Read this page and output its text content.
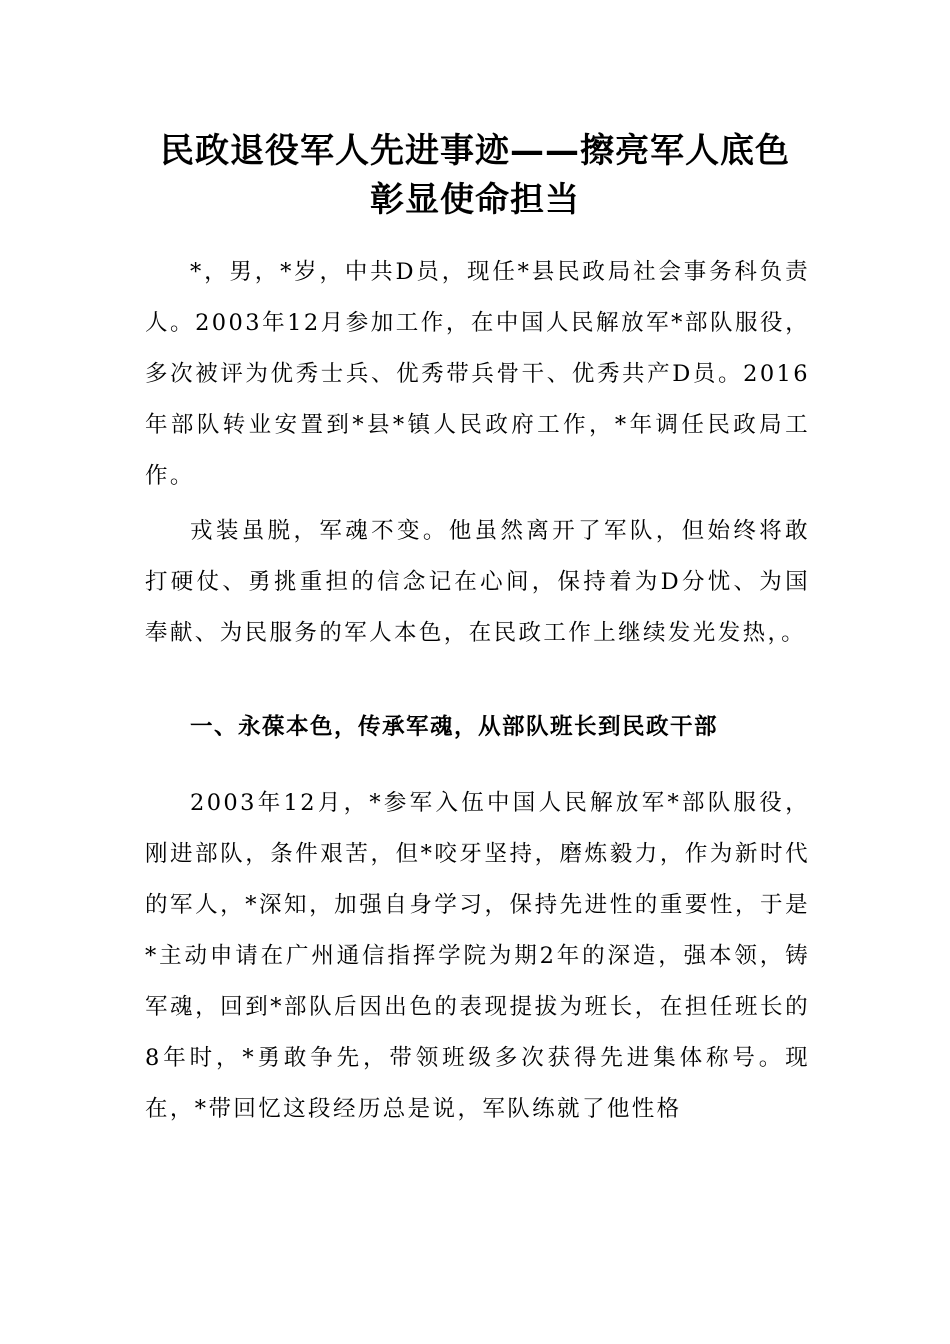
民政退役军人先进事迹——擦亮军人底色
彰显使命担当

*，男，*岁，中共D员，现任*县民政局社会事务科负责人。2003年12月参加工作，在中国人民解放军*部队服役，多次被评为优秀士兵、优秀带兵骨干、优秀共产D员。2016年部队转业安置到*县*镇人民政府工作，*年调任民政局工作。

戎装虽脱，军魂不变。他虽然离开了军队，但始终将敢打硬仗、勇挑重担的信念记在心间，保持着为D分忧、为国奉献、为民服务的军人本色，在民政工作上继续发光发热，。

一、永葆本色，传承军魂，从部队班长到民政干部

2003年12月，*参军入伍中国人民解放军*部队服役，刚进部队，条件艰苦，但*咬牙坚持，磨炼毅力，作为新时代的军人，*深知，加强自身学习，保持先进性的重要性，于是*主动申请在广州通信指挥学院为期2年的深造，强本领，铸军魂，回到*部队后因出色的表现提拔为班长，在担任班长的8年时，*勇敢争先，带领班级多次获得先进集体称号。现在，*带回忆这段经历总是说，军队练就了他性格
